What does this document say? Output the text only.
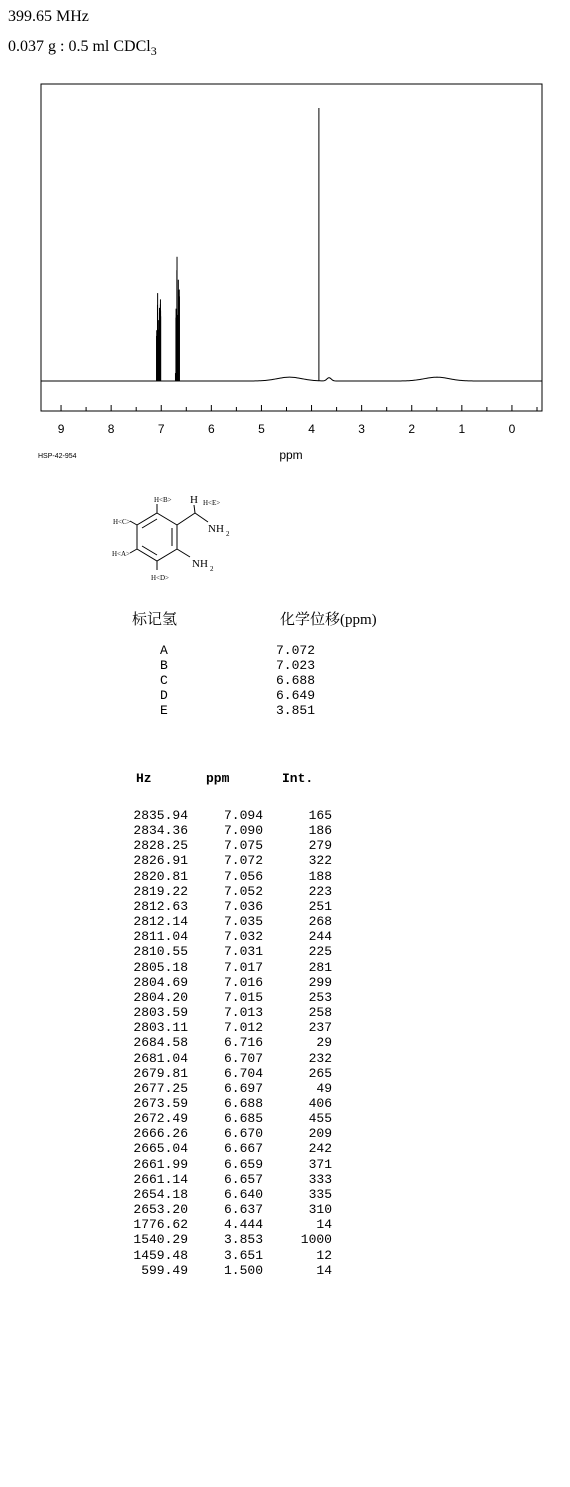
399.65 MHz
0.037 g : 0.5 ml CDCl$_3$
9	8	7	6	5	4	3	2	1	0
ppm
HSP-42-954
H<B> H H<E>
H<C>
NH 2
H<A>
NH 2
H<D>
标记氢	化学位移(ppm)
A	7.072
B	7.023
C	6.688
D	6.649
E	3.851
Hz	ppm	Int.
2835.94	7.094	165
2834.36	7.090	186
2828.25	7.075	279
2826.91	7.072	322
2820.81	7.056	188
2819.22	7.052	223
2812.63	7.036	251
2812.14	7.035	268
2811.04	7.032	244
2810.55	7.031	225
2805.18	7.017	281
2804.69	7.016	299
2804.20	7.015	253
2803.59	7.013	258
2803.11	7.012	237
2684.58	6.716	29
2681.04	6.707	232
2679.81	6.704	265
2677.25	6.697	49
2673.59	6.688	406
2672.49	6.685	455
2666.26	6.670	209
2665.04	6.667	242
2661.99	6.659	371
2661.14	6.657	333
2654.18	6.640	335
2653.20	6.637	310
1776.62	4.444	14
1540.29	3.853	1000
1459.48	3.651	12
599.49	1.500	14
